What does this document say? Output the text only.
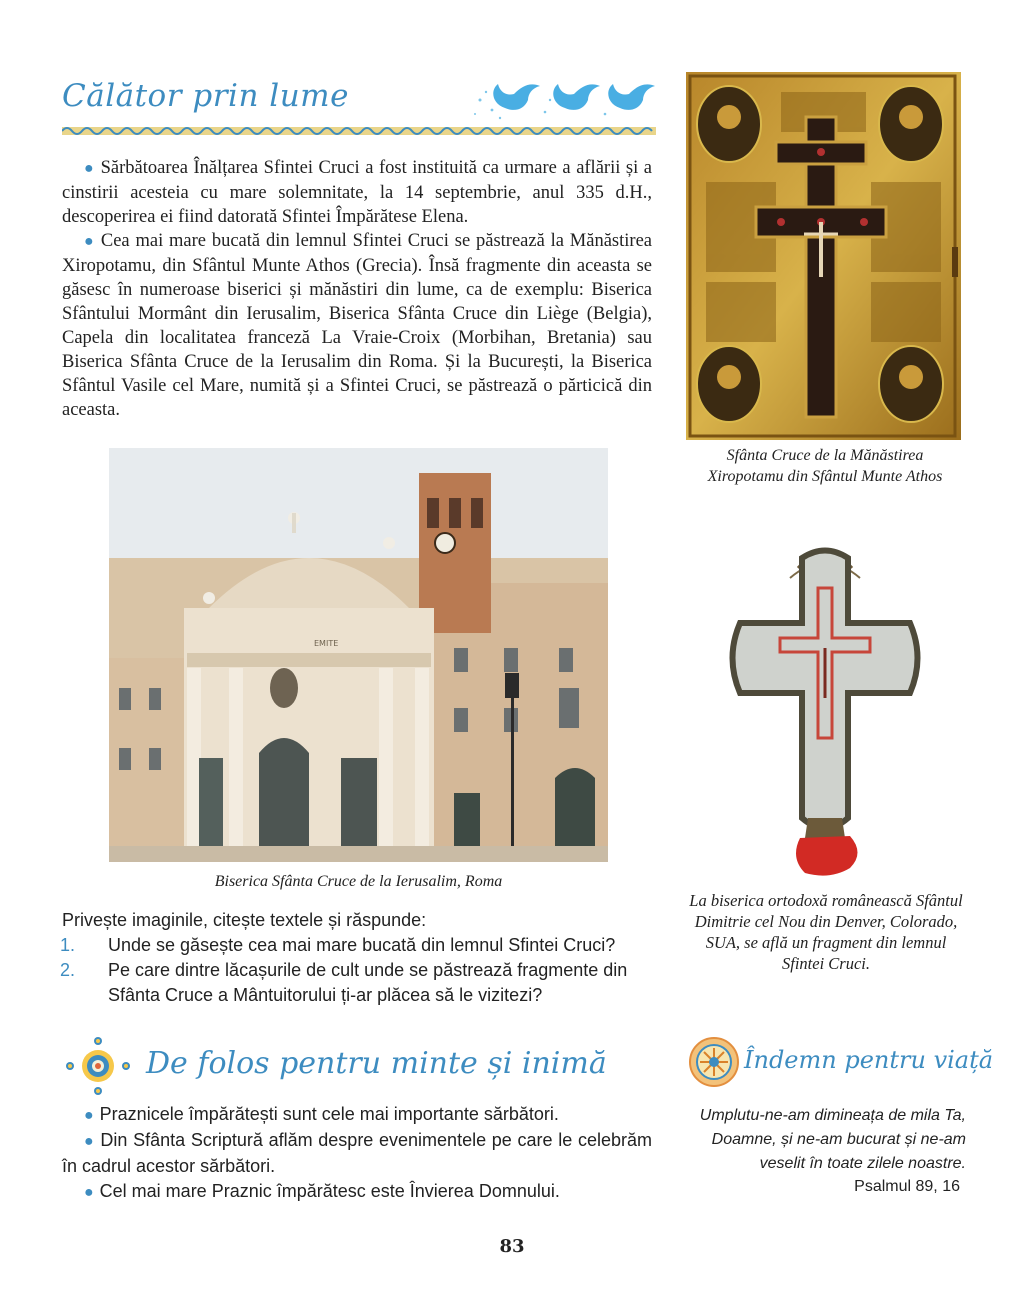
Călător prin lume

● Sărbătoarea Înălțarea Sfintei Cruci a fost instituită ca urmare a aflării și a cinstirii acesteia cu mare solemnitate, la 14 septembrie, anul 335 d.H., descoperirea ei fiind datorată Sfintei Împărătese Elena.

● Cea mai mare bucată din lemnul Sfintei Cruci se păstrează la Mănăstirea Xiropotamu, din Sfântul Munte Athos (Grecia). Însă fragmente din aceasta se găsesc în numeroase biserici și mănăstiri din lume, ca de exemplu: Biserica Sfântului Mormânt din Ierusalim, Biserica Sfânta Cruce din Liège (Belgia), Capela din localitatea franceză La Vraie-Croix (Morbihan, Bretania) sau Biserica Sfânta Cruce de la Ierusalim din Roma. Și la București, la Biserica Sfântul Vasile cel Mare, numită și a Sfintei Cruci, se păstrează o părticică din aceasta.

Sfânta Cruce de la Mănăstirea Xiropotamu din Sfântul Munte Athos
EMITE
Biserica Sfânta Cruce de la Ierusalim, Roma
La biserica ortodoxă românească Sfântul Dimitrie cel Nou din Denver, Colorado, SUA, se află un fragment din lemnul Sfintei Cruci.

Privește imaginile, citește textele și răspunde:

1. Unde se găsește cea mai mare bucată din lemnul Sfintei Cruci?

2. Pe care dintre lăcașurile de cult unde se păstrează fragmente din Sfânta Cruce a Mântuitorului ți-ar plăcea să le vizitezi?

De folos pentru minte și inimă

● Praznicele împărătești sunt cele mai importante sărbători.

● Din Sfânta Scriptură aflăm despre evenimentele pe care le celebrăm în cadrul acestor sărbători.

● Cel mai mare Praznic împărătesc este Învierea Domnului.

Îndemn pentru viață
Umplutu-ne-am dimineața de mila Ta, Doamne, și ne-am bucurat și ne-am veselit în toate zilele noastre.
Psalmul 89, 16
83
